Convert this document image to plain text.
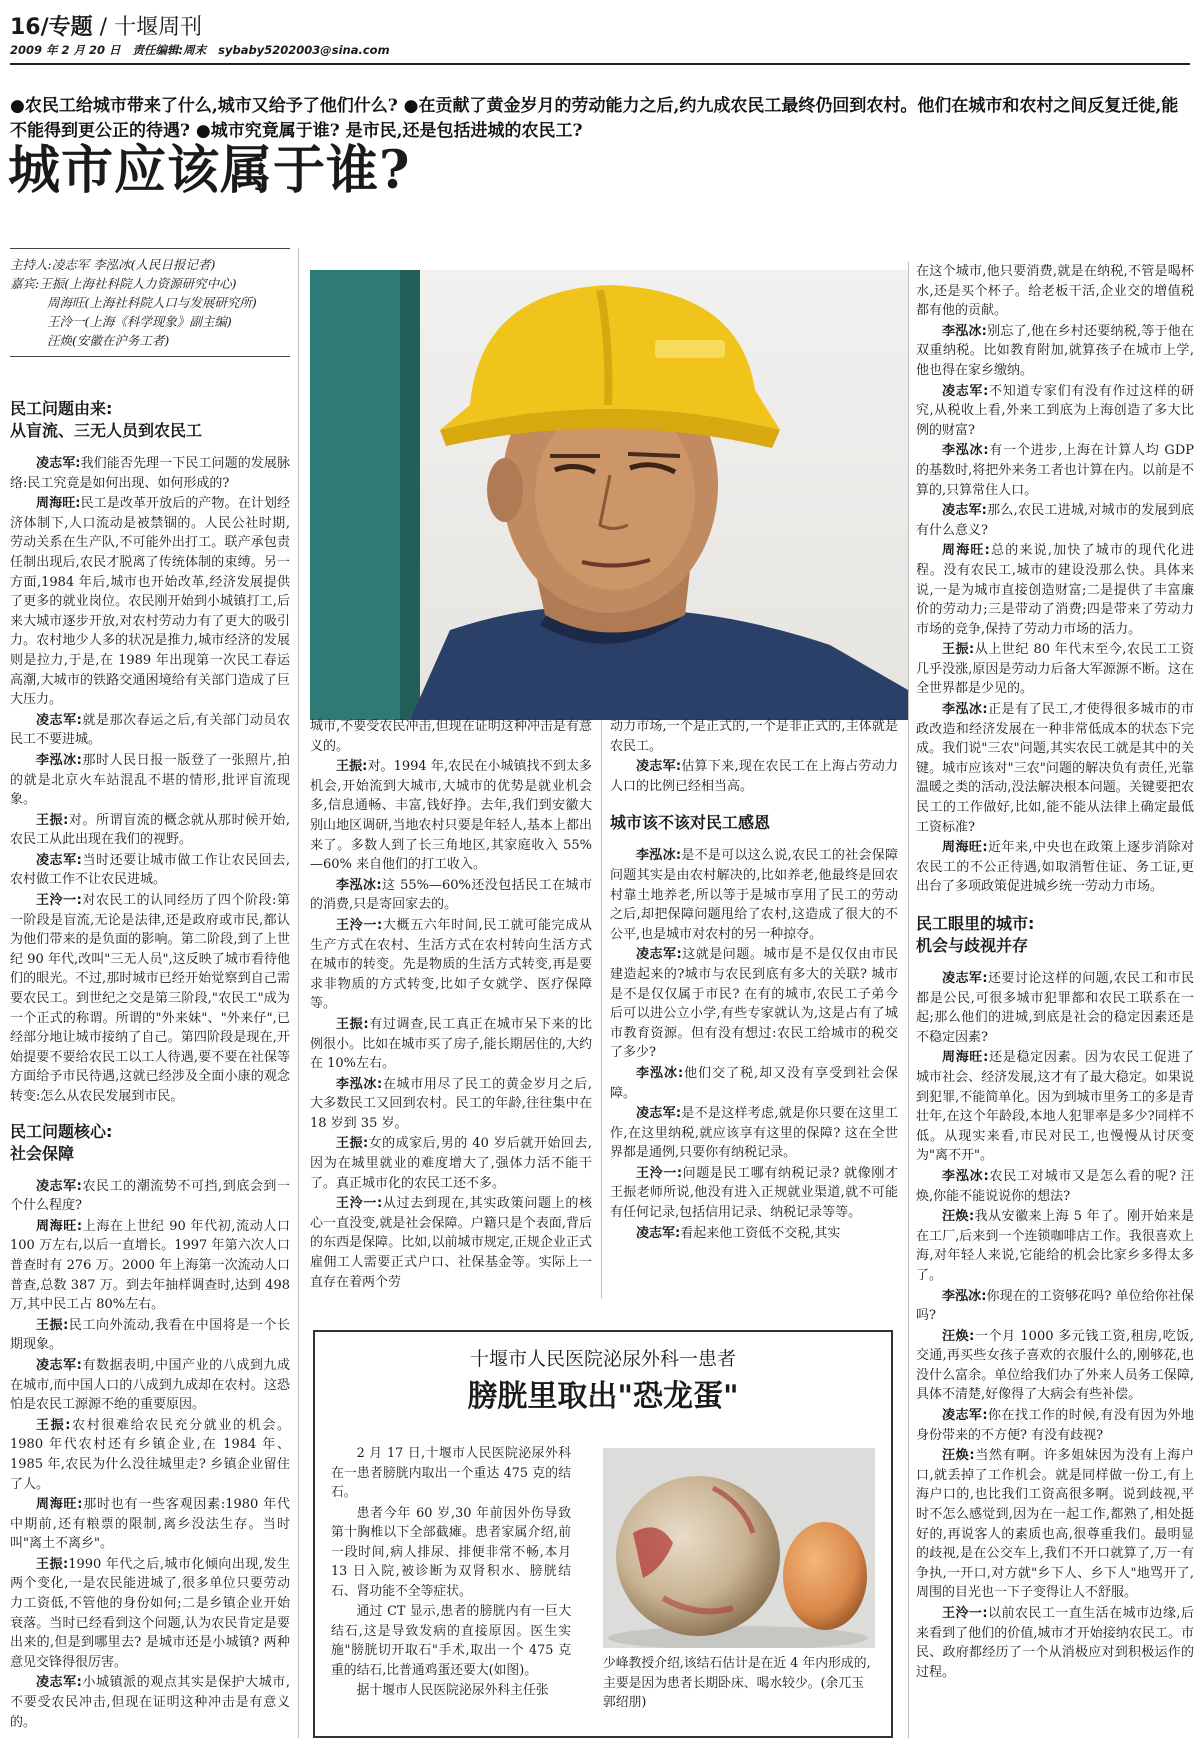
16/专题 / 十堰周刊
2009 年 2 月 20 日 责任编辑:周末 sybaby5202003@sina.com
●农民工给城市带来了什么,城市又给予了他们什么? ●在贡献了黄金岁月的劳动能力之后,约九成农民工最终仍回到农村。他们在城市和农村之间反复迁徙,能不能得到更公正的待遇? ●城市究竟属于谁? 是市民,还是包括进城的农民工?
城市应该属于谁?
主持人:凌志军 李泓冰(人民日报记者)
嘉宾:王振(上海社科院人力资源研究中心)
周海旺(上海社科院人口与发展研究所)
王泠一(上海《科学现象》副主编)
汪焕(安徽在沪务工者)
民工问题由来:
从盲流、三无人员到农民工

凌志军:我们能否先理一下民工问题的发展脉络:民工究竟是如何出现、如何形成的?

周海旺:民工是改革开放后的产物。在计划经济体制下,人口流动是被禁锢的。人民公社时期,劳动关系在生产队,不可能外出打工。联产承包责任制出现后,农民才脱离了传统体制的束缚。另一方面,1984 年后,城市也开始改革,经济发展提供了更多的就业岗位。农民刚开始到小城镇打工,后来大城市逐步开放,对农村劳动力有了更大的吸引力。农村地少人多的状况是推力,城市经济的发展则是拉力,于是,在 1989 年出现第一次民工春运高潮,大城市的铁路交通困境给有关部门造成了巨大压力。

凌志军:就是那次春运之后,有关部门动员农民工不要进城。

李泓冰:那时人民日报一版登了一张照片,拍的就是北京火车站混乱不堪的情形,批评盲流现象。

王振:对。所谓盲流的概念就从那时候开始,农民工从此出现在我们的视野。

凌志军:当时还要让城市做工作让农民回去,农村做工作不让农民进城。

王泠一:对农民工的认同经历了四个阶段:第一阶段是盲流,无论是法律,还是政府或市民,都认为他们带来的是负面的影响。第二阶段,到了上世纪 90 年代,改叫"三无人员",这反映了城市看待他们的眼光。不过,那时城市已经开始觉察到自己需要农民工。到世纪之交是第三阶段,"农民工"成为一个正式的称谓。所谓的"外来妹"、"外来仔",已经部分地让城市接纳了自己。第四阶段是现在,开始提要不要给农民工以工人待遇,要不要在社保等方面给予市民待遇,这就已经涉及全面小康的观念转变:怎么从农民发展到市民。

民工问题核心:
社会保障

凌志军:农民工的潮流势不可挡,到底会到一个什么程度?

周海旺:上海在上世纪 90 年代初,流动人口 100 万左右,以后一直增长。1997 年第六次人口普查时有 276 万。2000 年上海第一次流动人口普查,总数 387 万。到去年抽样调查时,达到 498 万,其中民工占 80%左右。

王振:民工向外流动,我看在中国将是一个长期现象。

凌志军:有数据表明,中国产业的八成到九成在城市,而中国人口的八成到九成却在农村。这恐怕是农民工源源不绝的重要原因。

王振:农村很难给农民充分就业的机会。1980 年代农村还有乡镇企业,在 1984 年、1985 年,农民为什么没往城里走? 乡镇企业留住了人。

周海旺:那时也有一些客观因素:1980 年代中期前,还有粮票的限制,离乡没法生存。当时叫"离土不离乡"。

王振:1990 年代之后,城市化倾向出现,发生两个变化,一是农民能进城了,很多单位只要劳动力工资低,不管他的身份如何;二是乡镇企业开始衰落。当时已经看到这个问题,认为农民肯定是要出来的,但是到哪里去? 是城市还是小城镇? 两种意见交锋得很厉害。

凌志军:小城镇派的观点其实是保护大城市,不要受农民冲击,但现在证明这种冲击是有意义的。

城市,不要受农民冲击,但现在证明这种冲击是有意义的。

王振:对。1994 年,农民在小城镇找不到太多机会,开始流到大城市,大城市的优势是就业机会多,信息通畅、丰富,钱好挣。去年,我们到安徽大别山地区调研,当地农村只要是年轻人,基本上都出来了。多数人到了长三角地区,其家庭收入 55%—60% 来自他们的打工收入。

李泓冰:这 55%—60%还没包括民工在城市的消费,只是寄回家去的。

王泠一:大概五六年时间,民工就可能完成从生产方式在农村、生活方式在农村转向生活方式在城市的转变。先是物质的生活方式转变,再是要求非物质的方式转变,比如子女就学、医疗保障等。

王振:有过调查,民工真正在城市呆下来的比例很小。比如在城市买了房子,能长期居住的,大约在 10%左右。

李泓冰:在城市用尽了民工的黄金岁月之后,大多数民工又回到农村。民工的年龄,往往集中在 18 岁到 35 岁。

王振:女的成家后,男的 40 岁后就开始回去,因为在城里就业的难度增大了,强体力活不能干了。真正城市化的农民工还不多。

王泠一:从过去到现在,其实政策问题上的核心一直没变,就是社会保障。户籍只是个表面,背后的东西是保障。比如,以前城市规定,正规企业正式雇佣工人需要正式户口、社保基金等。实际上一直存在着两个劳

动力市场,一个是正式的,一个是非正式的,主体就是农民工。

凌志军:估算下来,现在农民工在上海占劳动力人口的比例已经相当高。

城市该不该对民工感恩

李泓冰:是不是可以这么说,农民工的社会保障问题其实是由农村解决的,比如养老,他最终是回农村靠土地养老,所以等于是城市享用了民工的劳动之后,却把保障问题甩给了农村,这造成了很大的不公平,也是城市对农村的另一种掠夺。

凌志军:这就是问题。城市是不是仅仅由市民建造起来的?城市与农民到底有多大的关联? 城市是不是仅仅属于市民? 在有的城市,农民工子弟今后可以进公立小学,有些专家就认为,这是占有了城市教育资源。但有没有想过:农民工给城市的税交了多少?

李泓冰:他们交了税,却又没有享受到社会保障。

凌志军:是不是这样考虑,就是你只要在这里工作,在这里纳税,就应该享有这里的保障? 这在全世界都是通例,只要你有纳税记录。

王泠一:问题是民工哪有纳税记录? 就像刚才王振老师所说,他没有进入正规就业渠道,就不可能有任何记录,包括信用记录、纳税记录等等。

凌志军:看起来他工资低不交税,其实

在这个城市,他只要消费,就是在纳税,不管是喝杯水,还是买个杯子。给老板干活,企业交的增值税都有他的贡献。

李泓冰:别忘了,他在乡村还要纳税,等于他在双重纳税。比如教育附加,就算孩子在城市上学,他也得在家乡缴纳。

凌志军:不知道专家们有没有作过这样的研究,从税收上看,外来工到底为上海创造了多大比例的财富?

李泓冰:有一个进步,上海在计算人均 GDP 的基数时,将把外来务工者也计算在内。以前是不算的,只算常住人口。

凌志军:那么,农民工进城,对城市的发展到底有什么意义?

周海旺:总的来说,加快了城市的现代化进程。没有农民工,城市的建设没那么快。具体来说,一是为城市直接创造财富;二是提供了丰富廉价的劳动力;三是带动了消费;四是带来了劳动力市场的竞争,保持了劳动力市场的活力。

王振:从上世纪 80 年代末至今,农民工工资几乎没涨,原因是劳动力后备大军源源不断。这在全世界都是少见的。

李泓冰:正是有了民工,才使得很多城市的市政改造和经济发展在一种非常低成本的状态下完成。我们说"三农"问题,其实农民工就是其中的关键。城市应该对"三农"问题的解决负有责任,光靠温暖之类的活动,没法解决根本问题。关键要把农民工的工作做好,比如,能不能从法律上确定最低工资标准?

周海旺:近年来,中央也在政策上逐步消除对农民工的不公正待遇,如取消暂住证、务工证,更出台了多项政策促进城乡统一劳动力市场。

民工眼里的城市:
机会与歧视并存

凌志军:还要讨论这样的问题,农民工和市民都是公民,可很多城市犯罪都和农民工联系在一起;那么他们的进城,到底是社会的稳定因素还是不稳定因素?

周海旺:还是稳定因素。因为农民工促进了城市社会、经济发展,这才有了最大稳定。如果说到犯罪,不能简单化。因为到城市里务工的多是青壮年,在这个年龄段,本地人犯罪率是多少?同样不低。从现实来看,市民对民工,也慢慢从讨厌变为"离不开"。

李泓冰:农民工对城市又是怎么看的呢? 汪焕,你能不能说说你的想法?

汪焕:我从安徽来上海 5 年了。刚开始来是在工厂,后来到一个连锁咖啡店工作。我很喜欢上海,对年轻人来说,它能给的机会比家乡多得太多了。

李泓冰:你现在的工资够花吗? 单位给你社保吗?

汪焕:一个月 1000 多元钱工资,租房,吃饭,交通,再买些女孩子喜欢的衣服什么的,刚够花,也没什么富余。单位给我们办了外来人员务工保障,具体不清楚,好像得了大病会有些补偿。

凌志军:你在找工作的时候,有没有因为外地身份带来的不方便? 有没有歧视?

汪焕:当然有啊。许多姐妹因为没有上海户口,就丢掉了工作机会。就是同样做一份工,有上海户口的,也比我们工资高很多啊。说到歧视,平时不怎么感觉到,因为在一起工作,都熟了,相处挺好的,再说客人的素质也高,很尊重我们。最明显的歧视,是在公交车上,我们不开口就算了,万一有争执,一开口,对方就"乡下人、乡下人"地骂开了,周围的目光也一下子变得让人不舒服。

王泠一:以前农民工一直生活在城市边缘,后来看到了他们的价值,城市才开始接纳农民工。市民、政府都经历了一个从消极应对到积极运作的过程。

十堰市人民医院泌尿外科一患者
膀胱里取出"恐龙蛋"

2 月 17 日,十堰市人民医院泌尿外科在一患者膀胱内取出一个重达 475 克的结石。

患者今年 60 岁,30 年前因外伤导致第十胸椎以下全部截瘫。患者家属介绍,前一段时间,病人排尿、排便非常不畅,本月 13 日入院,被诊断为双肾积水、膀胱结石、肾功能不全等症状。

通过 CT 显示,患者的膀胱内有一巨大结石,这是导致发病的直接原因。医生实施"膀胱切开取石"手术,取出一个 475 克重的结石,比普通鸡蛋还要大(如图)。

据十堰市人民医院泌尿外科主任张

少峰教授介绍,该结石估计是在近 4 年内形成的,主要是因为患者长期卧床、喝水较少。(余兀玉 郭绍朋)
